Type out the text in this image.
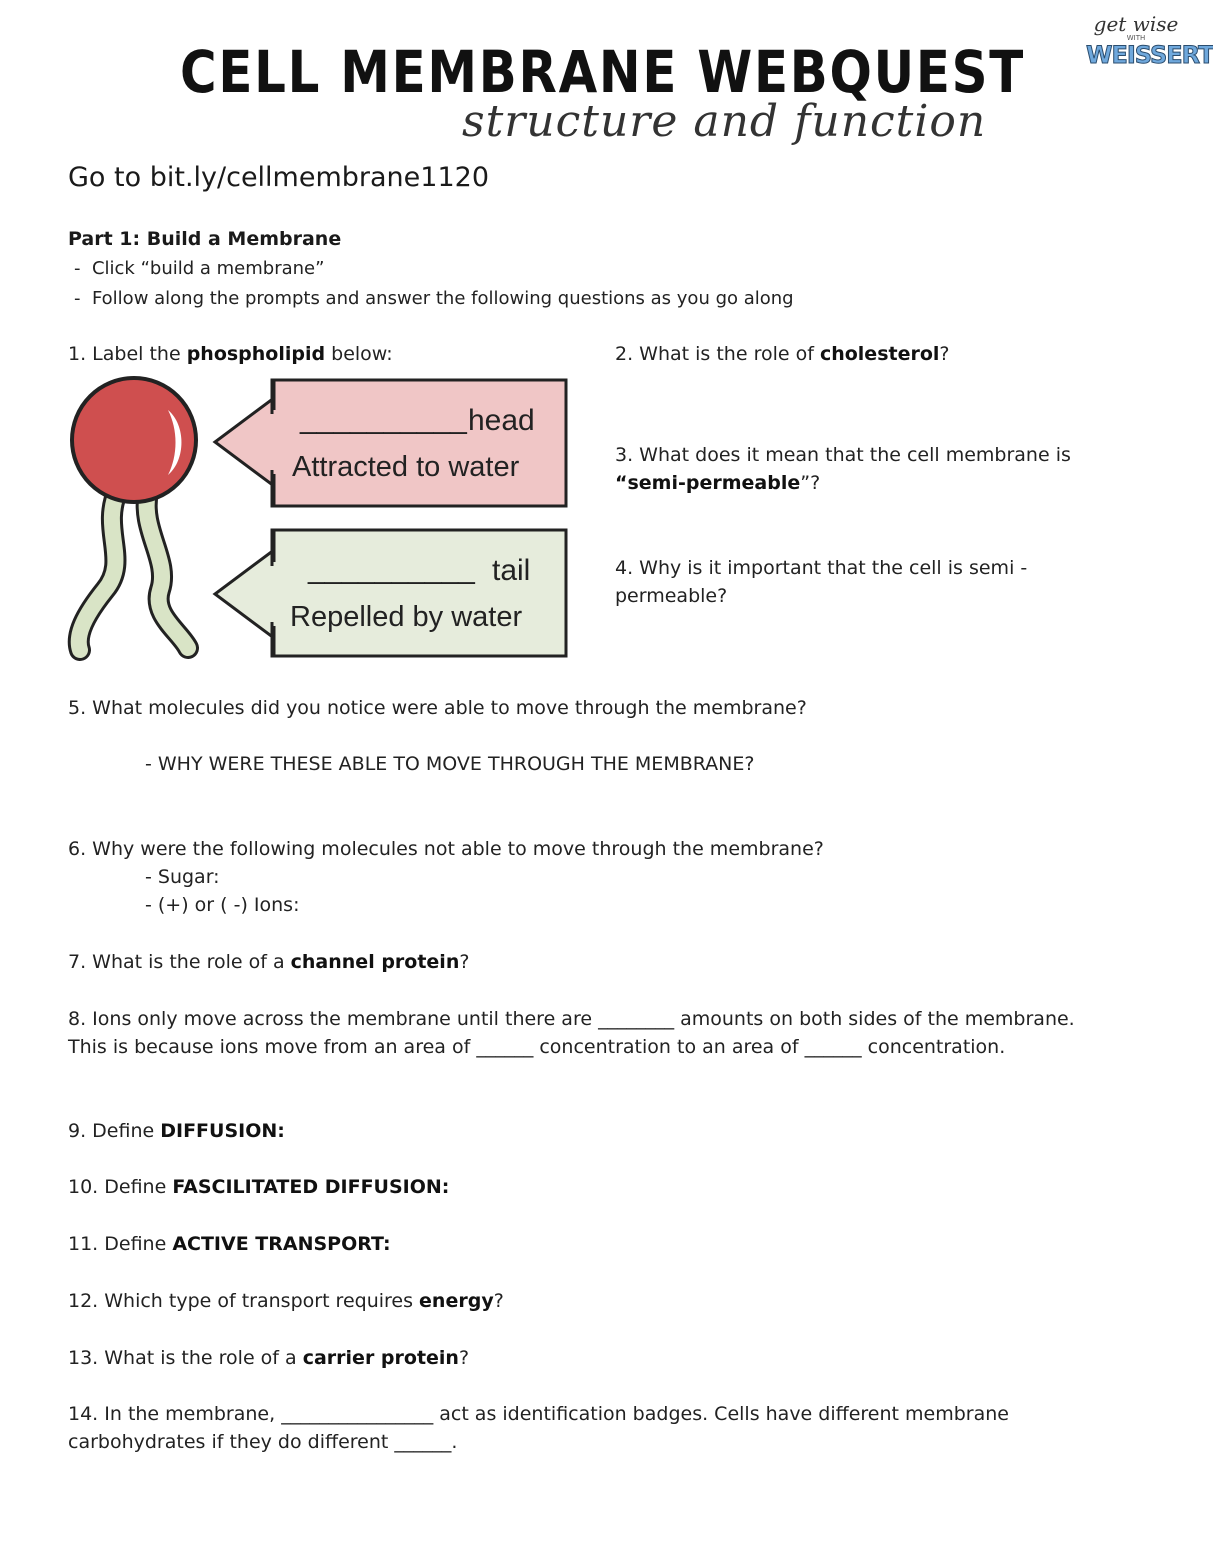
CELL MEMBRANE WEBQUEST
structure and function
get wise
WITH
WEISSERT
Go to bit.ly/cellmembrane1120
Part 1: Build a Membrane
-  Click “build a membrane”
-  Follow along the prompts and answer the following questions as you go along
1. Label the phospholipid below:
__________ head
Attracted to water
__________ tail
Repelled by water
2. What is the role of cholesterol?
3. What does it mean that the cell membrane is
“semi-permeable”?
4. Why is it important that the cell is semi -
permeable?
5. What molecules did you notice were able to move through the membrane?
- WHY WERE THESE ABLE TO MOVE THROUGH THE MEMBRANE?
6. Why were the following molecules not able to move through the membrane?
- Sugar:
- (+) or ( -) Ions:
7. What is the role of a channel protein?
8. Ions only move across the membrane until there are ________ amounts on both sides of the membrane. This is because ions move from an area of ______ concentration to an area of ______ concentration.
9. Define DIFFUSION:
10. Define FASCILITATED DIFFUSION:
11. Define ACTIVE TRANSPORT:
12. Which type of transport requires energy?
13. What is the role of a carrier protein?
14. In the membrane, ________________ act as identification badges. Cells have different membrane carbohydrates if they do different ______.
